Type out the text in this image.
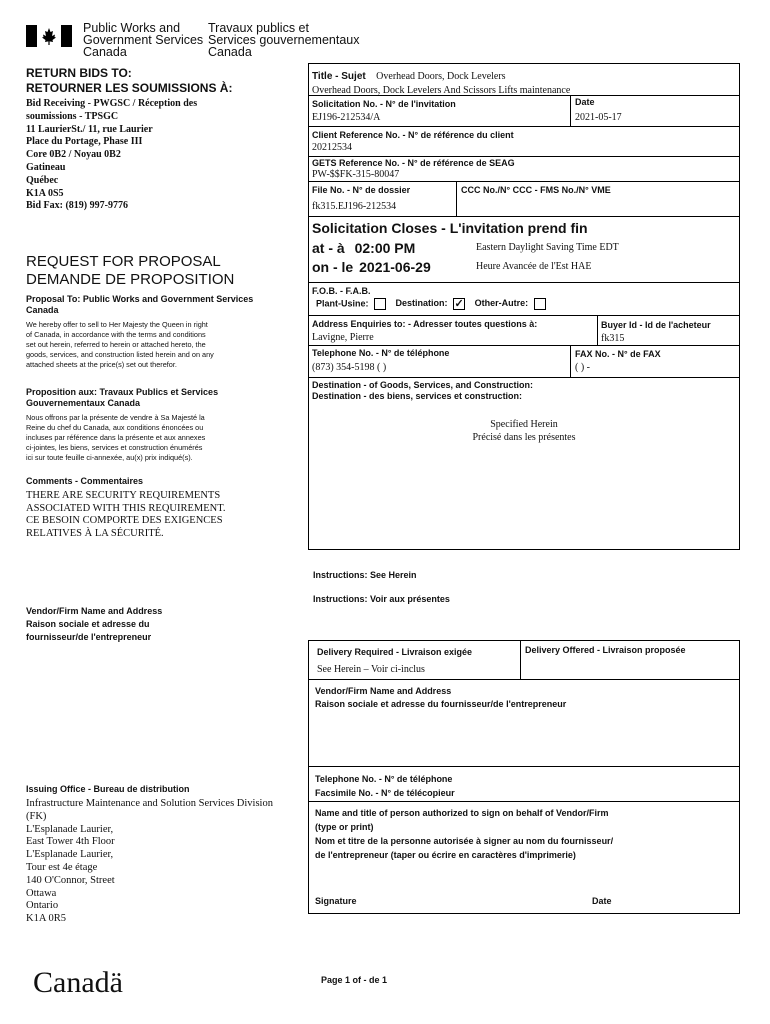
Public Works and
Government Services
Canada
Travaux publics et
Services gouvernementaux
Canada
RETURN BIDS TO:
RETOURNER LES SOUMISSIONS À:
Bid Receiving - PWGSC / Réception des
soumissions - TPSGC
11 LaurierSt./ 11, rue Laurier
Place du Portage, Phase III
Core 0B2 / Noyau 0B2
Gatineau
Québec
K1A 0S5
Bid Fax: (819) 997-9776
REQUEST FOR PROPOSAL
DEMANDE DE PROPOSITION
Proposal To: Public Works and Government Services Canada
We hereby offer to sell to Her Majesty the Queen in right
of Canada, in accordance with the terms and conditions
set out herein, referred to herein or attached hereto, the
goods, services, and construction listed herein and on any
attached sheets at the price(s) set out therefor.
Proposition aux: Travaux Publics et Services Gouvernementaux Canada
Nous offrons par la présente de vendre à Sa Majesté la
Reine du chef du Canada, aux conditions énoncées ou
incluses par référence dans la présente et aux annexes
ci-jointes, les biens, services et construction énumérés
ici sur toute feuille ci-annexée, au(x) prix indiqué(s).
Comments - Commentaires
THERE ARE SECURITY REQUIREMENTS
ASSOCIATED WITH THIS REQUIREMENT.
CE BESOIN COMPORTE DES EXIGENCES
RELATIVES À LA SÉCURITÉ.
Vendor/Firm Name and Address
Raison sociale et adresse du
fournisseur/de l'entrepreneur
Issuing Office - Bureau de distribution
Infrastructure Maintenance and Solution Services Division
(FK)
L'Esplanade Laurier,
East Tower 4th Floor
L'Esplanade Laurier,
Tour est 4e étage
140 O'Connor, Street
Ottawa
Ontario
K1A 0R5
Title - Sujet Overhead Doors, Dock Levelers
Overhead Doors, Dock Levelers And Scissors Lifts maintenance
Solicitation No. - N° de l'invitation
EJ196-212534/A
Date
2021-05-17
Client Reference No. - N° de référence du client
20212534
GETS Reference No. - N° de référence de SEAG
PW-$$FK-315-80047
File No. - N° de dossier
fk315.EJ196-212534
CCC No./N° CCC - FMS No./N° VME
Solicitation Closes - L'invitation prend fin
at - à 02:00 PM
on - le 2021-06-29
Eastern Daylight Saving Time EDT
Heure Avancée de l'Est HAE
F.O.B. - F.A.B.
Plant-Usine:	Destination: ✓ Other-Autre:
Address Enquiries to: - Adresser toutes questions à:
Lavigne, Pierre
Buyer Id - Id de l'acheteur
fk315
Telephone No. - N° de téléphone
(873) 354-5198 ( )
FAX No. - N° de FAX
( ) -
Destination - of Goods, Services, and Construction:
Destination - des biens, services et construction:
Specified Herein
Précisé dans les présentes
Instructions: See Herein
Instructions: Voir aux présentes
Delivery Required - Livraison exigée
See Herein – Voir ci-inclus
Delivery Offered - Livraison proposée
Vendor/Firm Name and Address
Raison sociale et adresse du fournisseur/de l'entrepreneur
Telephone No. - N° de téléphone
Facsimile No. - N° de télécopieur
Name and title of person authorized to sign on behalf of Vendor/Firm
(type or print)
Nom et titre de la personne autorisée à signer au nom du fournisseur/
de l'entrepreneur (taper ou écrire en caractères d'imprimerie)
Signature	Date
Canadä	Page 1 of - de 1
